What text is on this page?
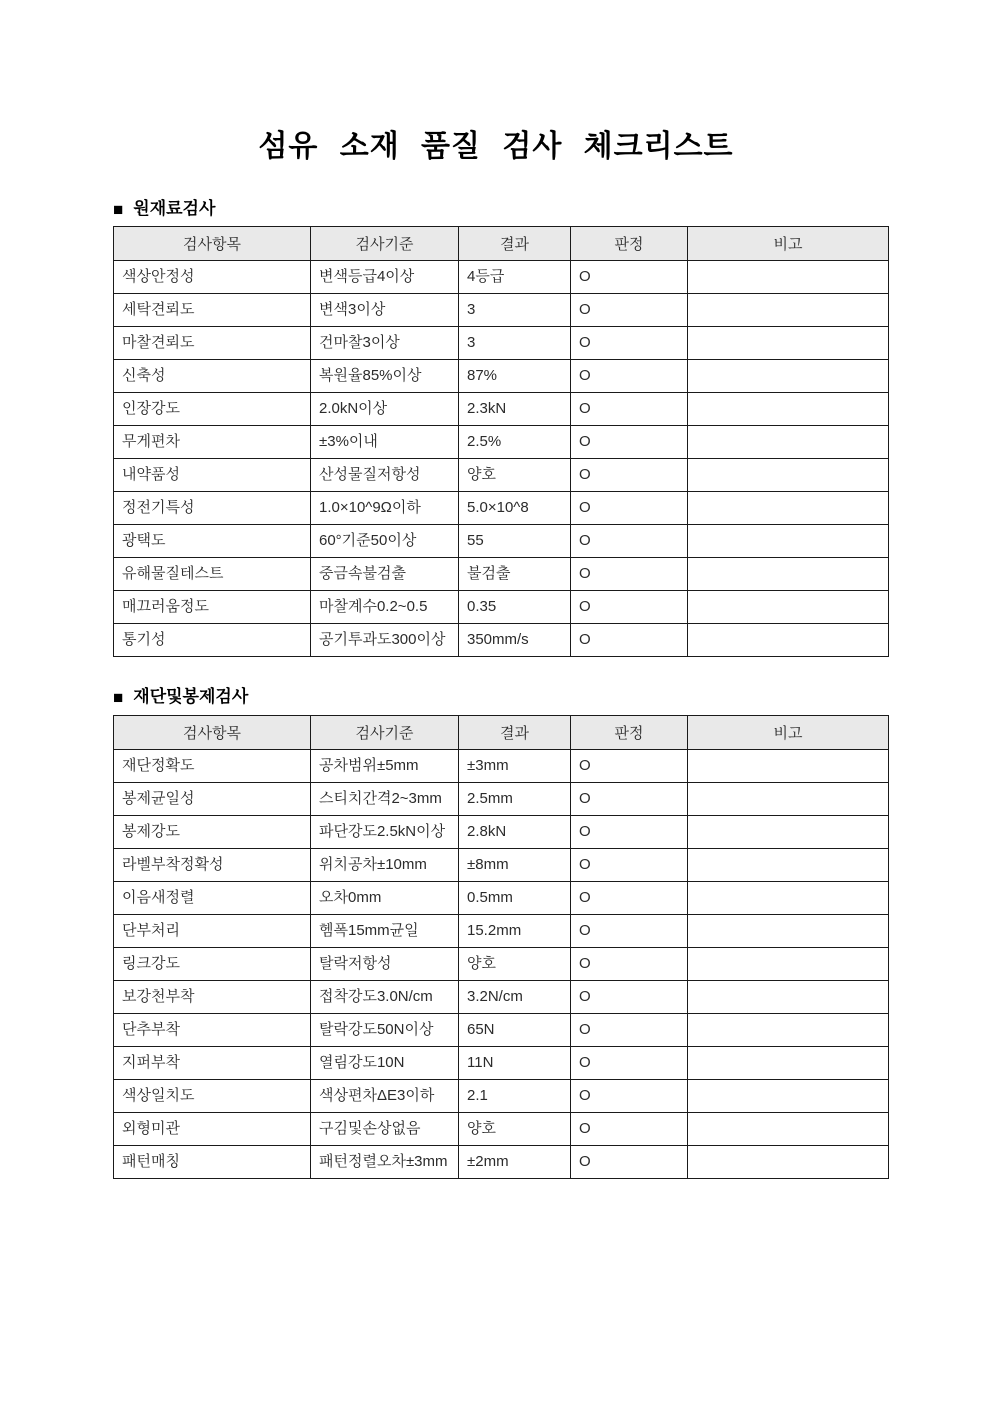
섬유 소재 품질 검사 체크리스트
■ 원재료검사
검사항목	검사기준	결과	판정	비고
색상안정성	변색등급4이상	4등급	O	
세탁견뢰도	변색3이상	3	O	
마찰견뢰도	건마찰3이상	3	O	
신축성	복원율85%이상	87%	O	
인장강도	2.0kN이상	2.3kN	O	
무게편차	±3%이내	2.5%	O	
내약품성	산성물질저항성	양호	O	
정전기특성	1.0×10^9Ω이하	5.0×10^8	O	
광택도	60°기준50이상	55	O	
유해물질테스트	중금속불검출	불검출	O	
매끄러움정도	마찰계수0.2~0.5	0.35	O	
통기성	공기투과도300이상	350mm/s	O	
■ 재단및봉제검사
검사항목	검사기준	결과	판정	비고
재단정확도	공차범위±5mm	±3mm	O	
봉제균일성	스티치간격2~3mm	2.5mm	O	
봉제강도	파단강도2.5kN이상	2.8kN	O	
라벨부착정확성	위치공차±10mm	±8mm	O	
이음새정렬	오차0mm	0.5mm	O	
단부처리	헴폭15mm균일	15.2mm	O	
링크강도	탈락저항성	양호	O	
보강천부착	접착강도3.0N/cm	3.2N/cm	O	
단추부착	탈락강도50N이상	65N	O	
지퍼부착	열림강도10N	11N	O	
색상일치도	색상편차ΔE3이하	2.1	O	
외형미관	구김및손상없음	양호	O	
패턴매칭	패턴정렬오차±3mm	±2mm	O	
